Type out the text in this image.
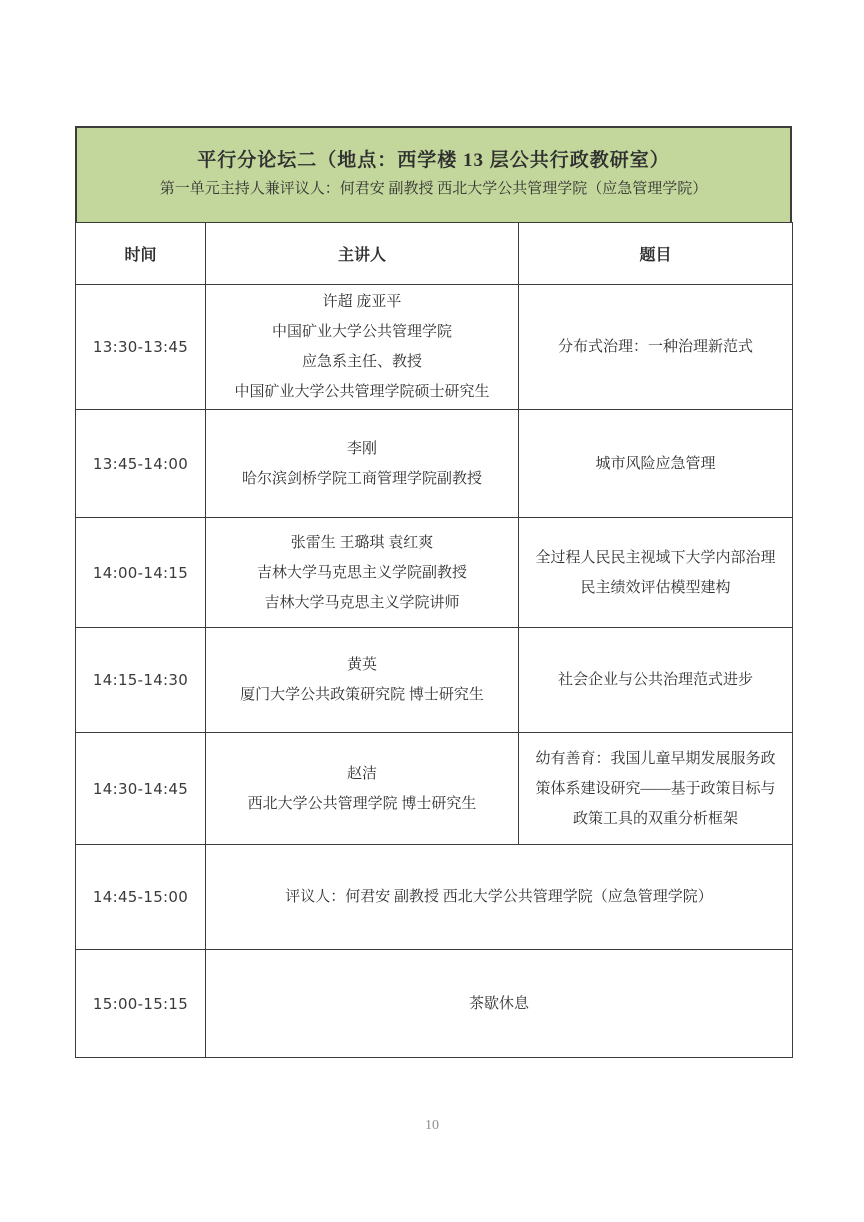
平行分论坛二（地点：西学楼 13 层公共行政教研室）
第一单元主持人兼评议人：何君安 副教授 西北大学公共管理学院（应急管理学院）
时间	主讲人	题目
13:30-13:45	许超 庞亚平
中国矿业大学公共管理学院
应急系主任、教授
中国矿业大学公共管理学院硕士研究生	分布式治理：一种治理新范式
13:45-14:00	李刚
哈尔滨剑桥学院工商管理学院副教授	城市风险应急管理
14:00-14:15	张雷生 王璐琪 袁红爽
吉林大学马克思主义学院副教授
吉林大学马克思主义学院讲师	全过程人民民主视域下大学内部治理民主绩效评估模型建构
14:15-14:30	黄英
厦门大学公共政策研究院 博士研究生	社会企业与公共治理范式进步
14:30-14:45	赵洁
西北大学公共管理学院 博士研究生	幼有善育：我国儿童早期发展服务政策体系建设研究——基于政策目标与政策工具的双重分析框架
14:45-15:00	评议人：何君安 副教授 西北大学公共管理学院（应急管理学院）	
15:00-15:15	茶歇休息	
10
